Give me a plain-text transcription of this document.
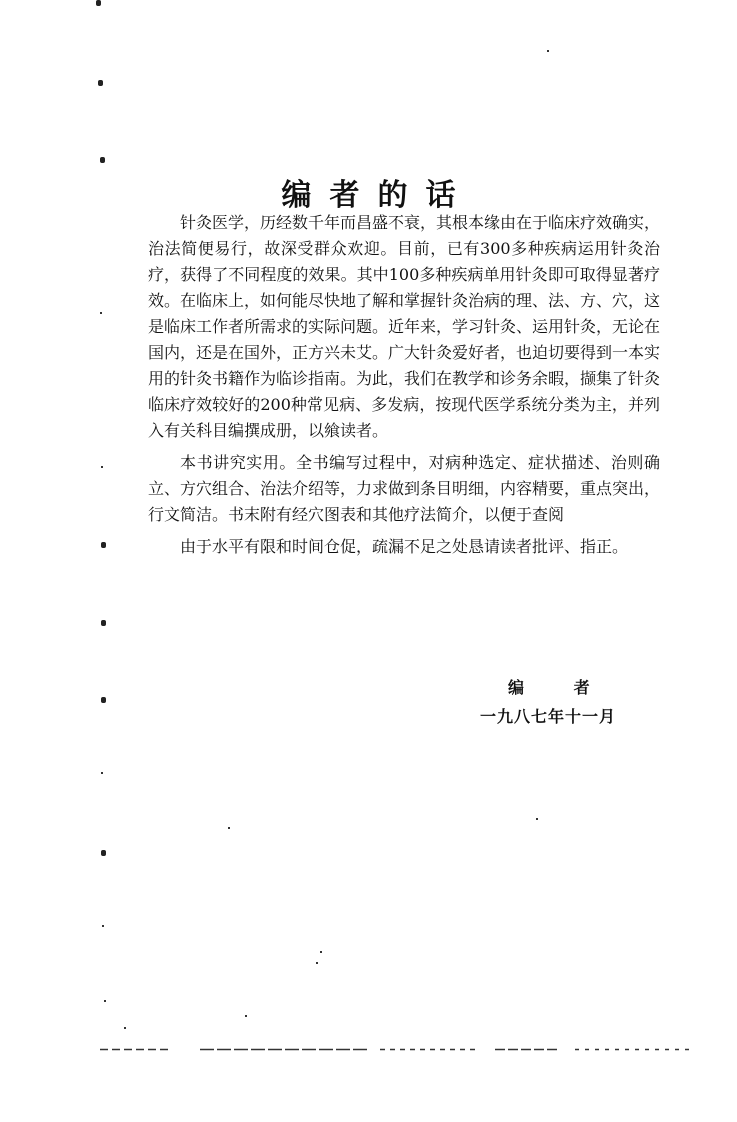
编者的话

针灸医学，历经数千年而昌盛不衰，其根本缘由在于临床疗效确实，治法简便易行，故深受群众欢迎。目前，已有300多种疾病运用针灸治疗，获得了不同程度的效果。其中100多种疾病单用针灸即可取得显著疗效。在临床上，如何能尽快地了解和掌握针灸治病的理、法、方、穴，这是临床工作者所需求的实际问题。近年来，学习针灸、运用针灸，无论在国内，还是在国外，正方兴未艾。广大针灸爱好者，也迫切要得到一本实用的针灸书籍作为临诊指南。为此，我们在教学和诊务余暇，撷集了针灸临床疗效较好的200种常见病、多发病，按现代医学系统分类为主，并列入有关科目编撰成册，以飨读者。

本书讲究实用。全书编写过程中，对病种选定、症状描述、治则确立、方穴组合、治法介绍等，力求做到条目明细，内容精要，重点突出，行文简洁。书末附有经穴图表和其他疗法简介，以便于查阅

由于水平有限和时间仓促，疏漏不足之处恳请读者批评、指正。

编 者
一九八七年十一月
